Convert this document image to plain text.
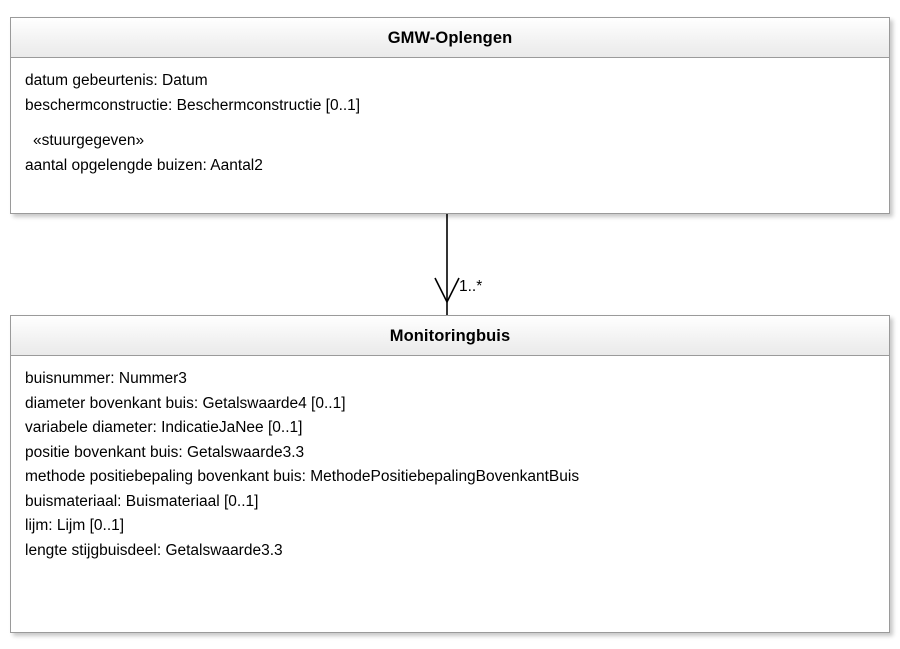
1..*
GMW-Oplengen
datum gebeurtenis: Datum
beschermconstructie: Beschermconstructie [0..1]
«stuurgegeven»
aantal opgelengde buizen: Aantal2
Monitoringbuis
buisnummer: Nummer3
diameter bovenkant buis: Getalswaarde4 [0..1]
variabele diameter: IndicatieJaNee [0..1]
positie bovenkant buis: Getalswaarde3.3
methode positiebepaling bovenkant buis: MethodePositiebepalingBovenkantBuis
buismateriaal: Buismateriaal [0..1]
lijm: Lijm [0..1]
lengte stijgbuisdeel: Getalswaarde3.3
